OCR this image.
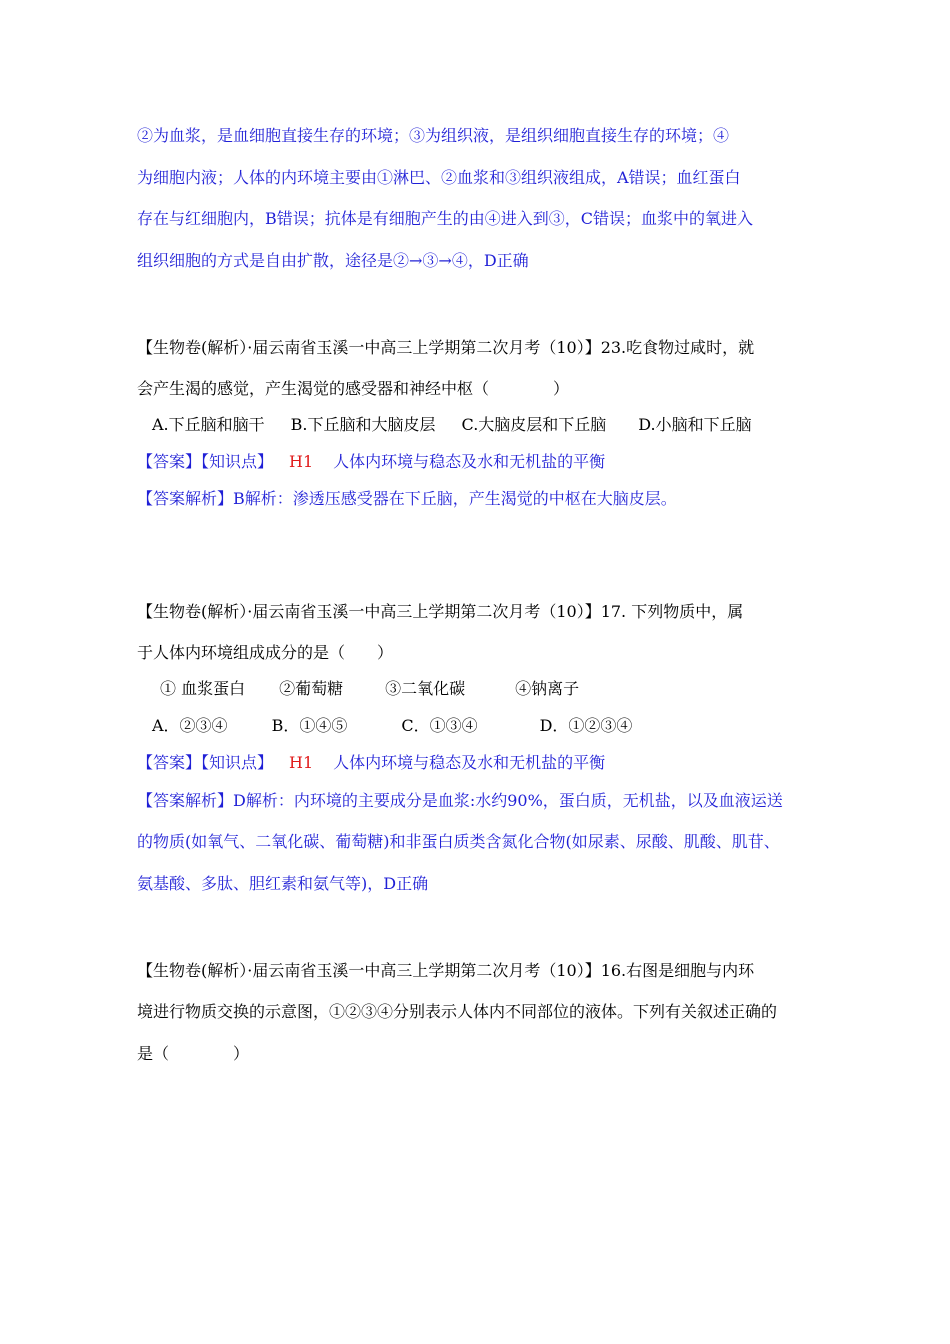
②为血浆，是血细胞直接生存的环境；③为组织液，是组织细胞直接生存的环境；④
为细胞内液；人体的内环境主要由①淋巴、②血浆和③组织液组成，A错误；血红蛋白
存在与红细胞内，B错误；抗体是有细胞产生的由④进入到③，C错误；血浆中的氧进入
组织细胞的方式是自由扩散，途径是②→③→④，D正确
【生物卷(解析）·届云南省玉溪一中高三上学期第二次月考（10）】23.吃食物过咸时，就
会产生渴的感觉，产生渴觉的感受器和神经中枢（　　　　）
A.下丘脑和脑干 B.下丘脑和大脑皮层 C.大脑皮层和下丘脑 D.小脑和下丘脑
【答案】【知识点】 H1 人体内环境与稳态及水和无机盐的平衡
【答案解析】B解析：渗透压感受器在下丘脑，产生渴觉的中枢在大脑皮层。
【生物卷(解析）·届云南省玉溪一中高三上学期第二次月考（10）】17. 下列物质中，属
于人体内环境组成成分的是（　　）
① 血浆蛋白 ②葡萄糖	③二氧化碳	④钠离子
A．②③④	B．①④⑤	C．①③④	D．①②③④
【答案】【知识点】 H1 人体内环境与稳态及水和无机盐的平衡
【答案解析】D解析：内环境的主要成分是血浆:水约90%，蛋白质，无机盐，以及血液运送
的物质(如氧气、二氧化碳、葡萄糖)和非蛋白质类含氮化合物(如尿素、尿酸、肌酸、肌苷、
氨基酸、多肽、胆红素和氨气等)，D正确
【生物卷(解析）·届云南省玉溪一中高三上学期第二次月考（10）】16.右图是细胞与内环
境进行物质交换的示意图，①②③④分别表示人体内不同部位的液体。下列有关叙述正确的
是（　　　　）
